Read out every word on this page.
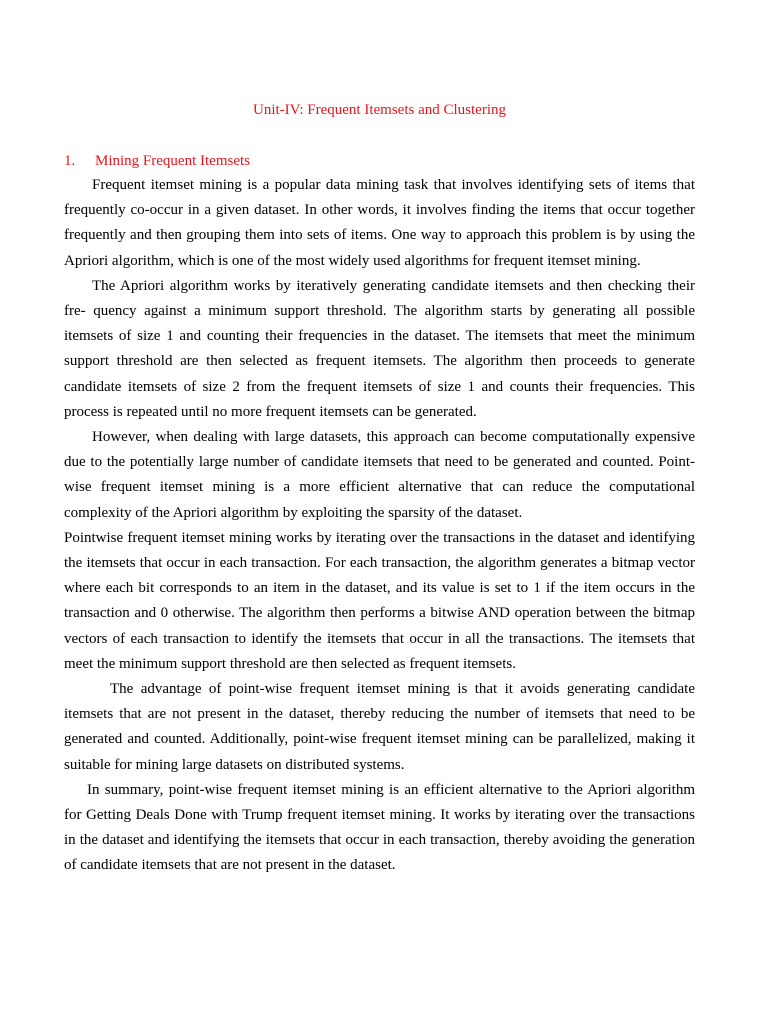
Unit-IV: Frequent Itemsets and Clustering
1. Mining Frequent Itemsets

Frequent itemset mining is a popular data mining task that involves identifying sets of items that frequently co-occur in a given dataset. In other words, it involves finding the items that occur together frequently and then grouping them into sets of items. One way to approach this problem is by using the Apriori algorithm, which is one of the most widely used algorithms for frequent itemset mining.

The Apriori algorithm works by iteratively generating candidate itemsets and then checking their fre- quency against a minimum support threshold. The algorithm starts by generating all possible itemsets of size 1 and counting their frequencies in the dataset. The itemsets that meet the minimum support threshold are then selected as frequent itemsets. The algorithm then proceeds to generate candidate itemsets of size 2 from the frequent itemsets of size 1 and counts their frequencies. This process is repeated until no more frequent itemsets can be generated.

However, when dealing with large datasets, this approach can become computationally expensive due to the potentially large number of candidate itemsets that need to be generated and counted. Point-wise frequent itemset mining is a more efficient alternative that can reduce the computational complexity of the Apriori algorithm by exploiting the sparsity of the dataset.

Pointwise frequent itemset mining works by iterating over the transactions in the dataset and identifying the itemsets that occur in each transaction. For each transaction, the algorithm generates a bitmap vector where each bit corresponds to an item in the dataset, and its value is set to 1 if the item occurs in the transaction and 0 otherwise. The algorithm then performs a bitwise AND operation between the bitmap vectors of each transaction to identify the itemsets that occur in all the transactions. The itemsets that meet the minimum support threshold are then selected as frequent itemsets.

The advantage of point-wise frequent itemset mining is that it avoids generating candidate itemsets that are not present in the dataset, thereby reducing the number of itemsets that need to be generated and counted. Additionally, point-wise frequent itemset mining can be parallelized, making it suitable for mining large datasets on distributed systems.

In summary, point-wise frequent itemset mining is an efficient alternative to the Apriori algorithm for Getting Deals Done with Trump frequent itemset mining. It works by iterating over the transactions in the dataset and identifying the itemsets that occur in each transaction, thereby avoiding the generation of candidate itemsets that are not present in the dataset.
